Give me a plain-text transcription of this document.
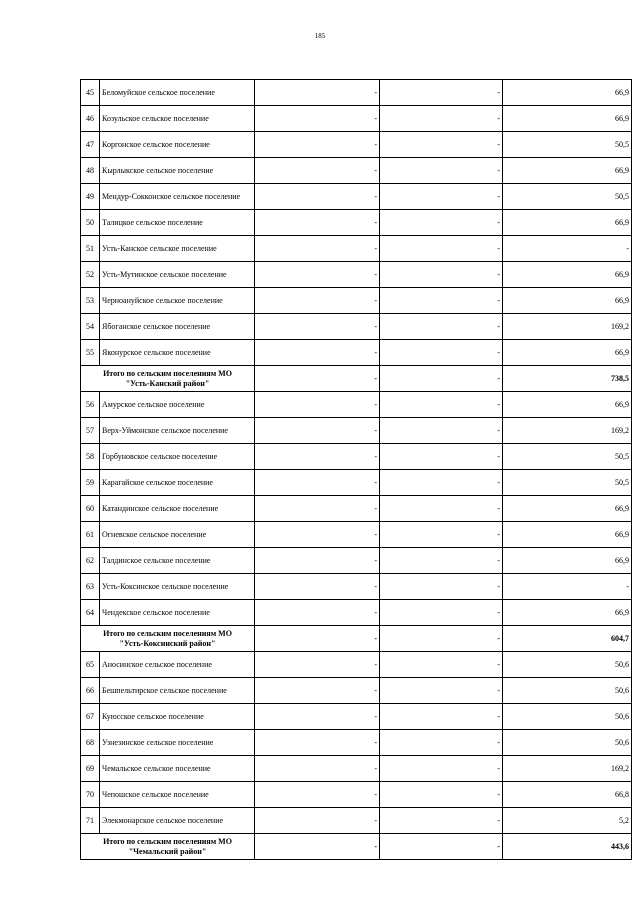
185
45	Беломуйское сельское поселение	-	-	66,9
46	Козульское сельское поселение	-	-	66,9
47	Коргонское сельское поселение	-	-	50,5
48	Кырлыкское сельское поселение	-	-	66,9
49	Мендур-Сокконское сельское поселение	-	-	50,5
50	Талицкое сельское поселение	-	-	66,9
51	Усть-Канское сельское поселение	-	-	-
52	Усть-Мутинское сельское поселение	-	-	66,9
53	Черноануйское сельское поселение	-	-	66,9
54	Ябоганское сельское поселение	-	-	169,2
55	Яконурское сельское поселение	-	-	66,9

Итого по сельским поселениям МО
"Усть-Канский район"		-	-	738,5
56	Амурское сельское поселение	-	-	66,9
57	Верх-Уймонское сельское поселение	-	-	169,2
58	Горбуновское сельское поселение	-	-	50,5
59	Карагайское сельское поселение	-	-	50,5
60	Катандинское сельское поселение	-	-	66,9
61	Огневское сельское поселение	-	-	66,9
62	Талдинское сельское поселение	-	-	66,9
63	Усть-Коксинское сельское поселение	-	-	-
64	Чендекское сельское поселение	-	-	66,9

Итого по сельским поселениям МО
"Усть-Коксинский район"		-	-	604,7
65	Аносинское сельское поселение	-	-	50,6
66	Бешпельтирское сельское поселение	-	-	50,6
67	Куюсское сельское поселение	-	-	50,6
68	Узнезинское сельское поселение	-	-	50,6
69	Чемальское сельское поселение	-	-	169,2
70	Чепошское сельское поселение	-	-	66,8
71	Элекмонарское сельское поселение	-	-	5,2

Итого по сельским поселениям МО
"Чемальский район"		-	-	443,6
